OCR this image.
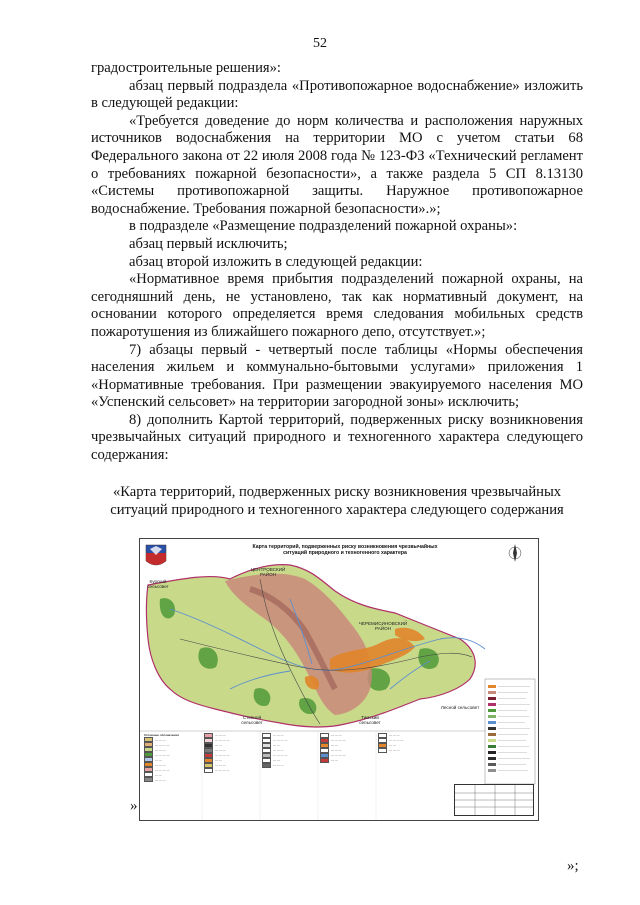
52

градостроительные решения»:

абзац первый подраздела «Противопожарное водоснабжение» изложить в следующей редакции:

«Требуется доведение до норм количества и расположения наружных источников водоснабжения на территории МО с учетом статьи 68 Федерального закона от 22 июля 2008 года № 123-ФЗ «Технический регламент о требованиях пожарной безопасности», а также раздела 5 СП 8.13130 «Системы противопожарной защиты. Наружное противопожарное водоснабжение. Требования пожарной безопасности».»;

в подразделе «Размещение подразделений пожарной охраны»:

абзац первый исключить;

абзац второй изложить в следующей редакции:

«Нормативное время прибытия подразделений пожарной охраны, на сегодняшний день, не установлено, так как нормативный документ, на основании которого определяется время следования мобильных средств пожаротушения из ближайшего пожарного депо, отсутствует.»;

7) абзацы первый - четвертый после таблицы «Нормы обеспечения населения жильем и коммунально-бытовыми услугами» приложения 1 «Нормативные требования. При размещении эвакуируемого населения МО «Успенский сельсовет» на территории загородной зоны» исключить;

8) дополнить Картой территорий, подверженных риску возникновения чрезвычайных ситуаций природного и техногенного характера следующего содержания:

«Карта территорий, подверженных риску возникновения чрезвычайных ситуаций природного и техногенного характера следующего содержания
Карта территорий, подверженных риску возникновения чрезвычайных ситуаций природного и техногенного характера
ЦЕНТРОВСКИЙ РАЙОН
ЧЕРЕМИСИНОВСКИЙ РАЙОН
Курский сельсовет
Степной сельсовет
Тимский сельсовет
Лесной сельсовет
Условные обозначения
— — —
— — — —
— — —
— — — —
— —
— — —
— — — —
— —
— — —
— — —
— — — —
— —
— — —
— — — —
— —
— — —
— — — —
— — —
— — — —
— —
— — —
— — — —
— —
— — —
— — —
— — — —
— —
— — —
— — — —
— —
— — —
— — — —
— —
— — —
»
»;
